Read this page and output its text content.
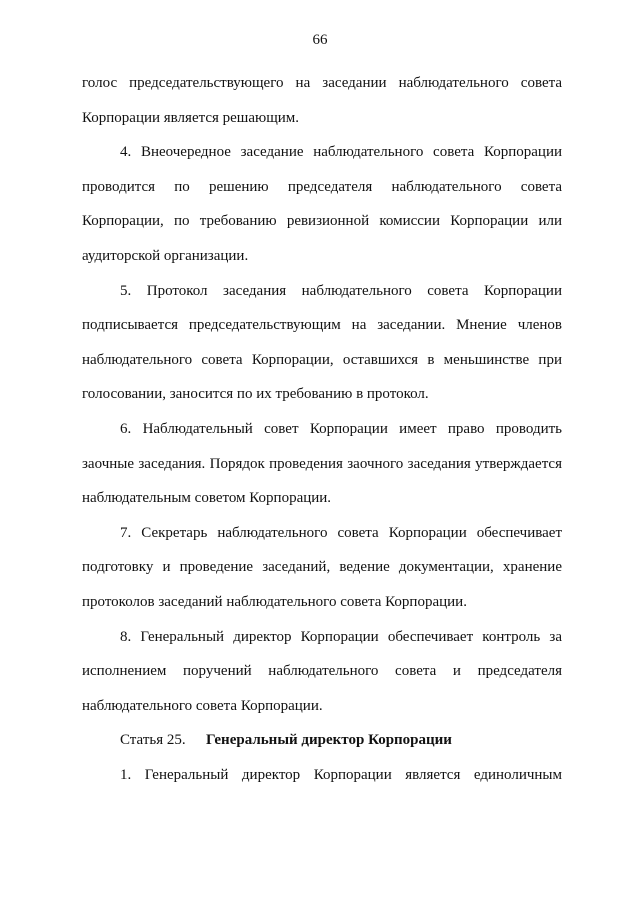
66
голос председательствующего на заседании наблюдательного совета
Корпорации является решающим.
4. Внеочередное заседание наблюдательного совета Корпорации
проводится по решению председателя наблюдательного совета
Корпорации, по требованию ревизионной комиссии Корпорации или
аудиторской организации.
5. Протокол заседания наблюдательного совета Корпорации
подписывается председательствующим на заседании. Мнение членов
наблюдательного совета Корпорации, оставшихся в меньшинстве при
голосовании, заносится по их требованию в протокол.
6. Наблюдательный совет Корпорации имеет право проводить
заочные заседания. Порядок проведения заочного заседания утверждается
наблюдательным советом Корпорации.
7. Секретарь наблюдательного совета Корпорации обеспечивает
подготовку и проведение заседаний, ведение документации, хранение
протоколов заседаний наблюдательного совета Корпорации.
8. Генеральный директор Корпорации обеспечивает контроль за
исполнением поручений наблюдательного совета и председателя
наблюдательного совета Корпорации.
Статья 25.	Генеральный директор Корпорации
1. Генеральный директор Корпорации является единоличным
